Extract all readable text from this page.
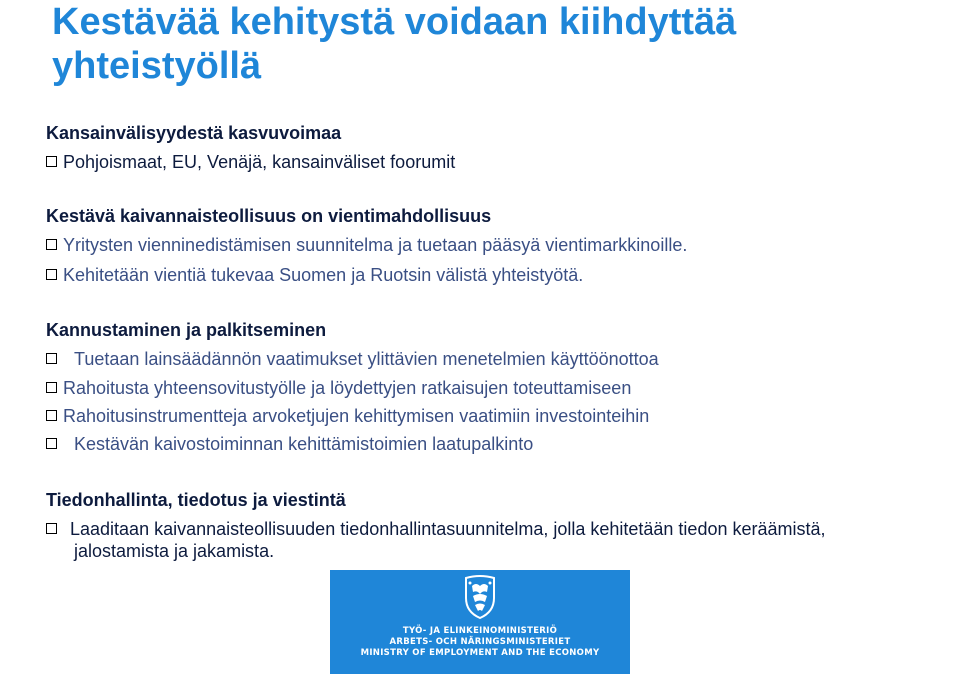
Kestävää kehitystä voidaan kiihdyttää yhteistyöllä
Kansainvälisyydestä kasvuvoimaa
Pohjoismaat, EU, Venäjä, kansainväliset foorumit
Kestävä kaivannaisteollisuus on vientimahdollisuus
Yritysten vienninedistämisen suunnitelma ja tuetaan pääsyä vientimarkkinoille.
Kehitetään vientiä tukevaa Suomen ja Ruotsin välistä yhteistyötä.
Kannustaminen ja palkitseminen
Tuetaan lainsäädännön vaatimukset ylittävien menetelmien käyttöönottoa
Rahoitusta yhteensovitustyölle ja löydettyjen ratkaisujen toteuttamiseen
Rahoitusinstrumentteja arvoketjujen kehittymisen vaatimiin investointeihin
Kestävän kaivostoiminnan kehittämistoimien laatupalkinto
Tiedonhallinta, tiedotus ja viestintä
Laaditaan kaivannaisteollisuuden tiedonhallintasuunnitelma, jolla kehitetään tiedon keräämistä, jalostamista ja jakamista.
TYÖ- JA ELINKEINOMINISTERIÖ
ARBETS- OCH NÄRINGSMINISTERIET
MINISTRY OF EMPLOYMENT AND THE ECONOMY
